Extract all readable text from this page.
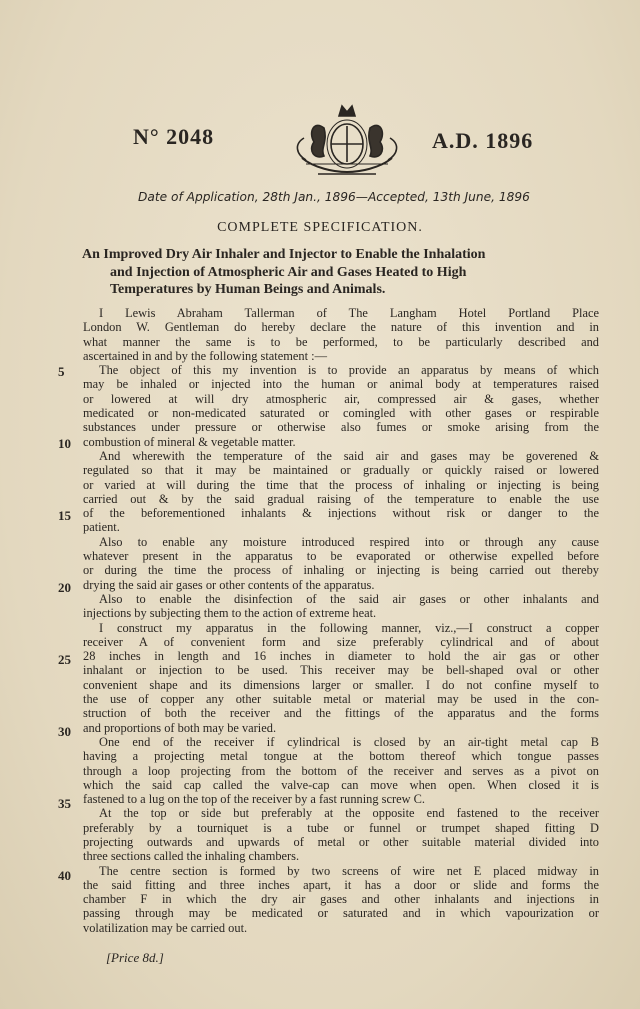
N° 2048	A.D. 1896
Date of Application, 28th Jan., 1896—Accepted, 13th June, 1896
COMPLETE SPECIFICATION.
An Improved Dry Air Inhaler and Injector to Enable the Inhalation
and Injection of Atmospheric Air and Gases Heated to High
Temperatures by Human Beings and Animals.
I Lewis Abraham Tallerman of The Langham Hotel Portland Place
London W. Gentleman do hereby declare the nature of this invention and in
what manner the same is to be performed, to be particularly described and
ascertained in and by the following statement :—
The object of this my invention is to provide an apparatus by means of which
may be inhaled or injected into the human or animal body at temperatures raised
or lowered at will dry atmospheric air, compressed air & gases, whether
medicated or non-medicated saturated or comingled with other gases or respirable
substances under pressure or otherwise also fumes or smoke arising from the
combustion of mineral & vegetable matter.
And wherewith the temperature of the said air and gases may be goverened &
regulated so that it may be maintained or gradually or quickly raised or lowered
or varied at will during the time that the process of inhaling or injecting is being
carried out & by the said gradual raising of the temperature to enable the use
of the beforementioned inhalants & injections without risk or danger to the
patient.
Also to enable any moisture introduced respired into or through any cause
whatever present in the apparatus to be evaporated or otherwise expelled before
or during the time the process of inhaling or injecting is being carried out thereby
drying the said air gases or other contents of the apparatus.
Also to enable the disinfection of the said air gases or other inhalants and
injections by subjecting them to the action of extreme heat.
I construct my apparatus in the following manner, viz.,—I construct a copper
receiver A of convenient form and size preferably cylindrical and of about
28 inches in length and 16 inches in diameter to hold the air gas or other
inhalant or injection to be used. This receiver may be bell-shaped oval or other
convenient shape and its dimensions larger or smaller. I do not confine myself to
the use of copper any other suitable metal or material may be used in the con-
struction of both the receiver and the fittings of the apparatus and the forms
and proportions of both may be varied.
One end of the receiver if cylindrical is closed by an air-tight metal cap B
having a projecting metal tongue at the bottom thereof which tongue passes
through a loop projecting from the bottom of the receiver and serves as a pivot on
which the said cap called the valve-cap can move when open. When closed it is
fastened to a lug on the top of the receiver by a fast running screw C.
At the top or side but preferably at the opposite end fastened to the receiver
preferably by a tourniquet is a tube or funnel or trumpet shaped fitting D
projecting outwards and upwards of metal or other suitable material divided into
three sections called the inhaling chambers.
The centre section is formed by two screens of wire net E placed midway in
the said fitting and three inches apart, it has a door or slide and forms the
chamber F in which the dry air gases and other inhalants and injections in
passing through may be medicated or saturated and in which vapourization or
volatilization may be carried out.
5
10
15
20
25
30
35
40
[Price 8d.]
